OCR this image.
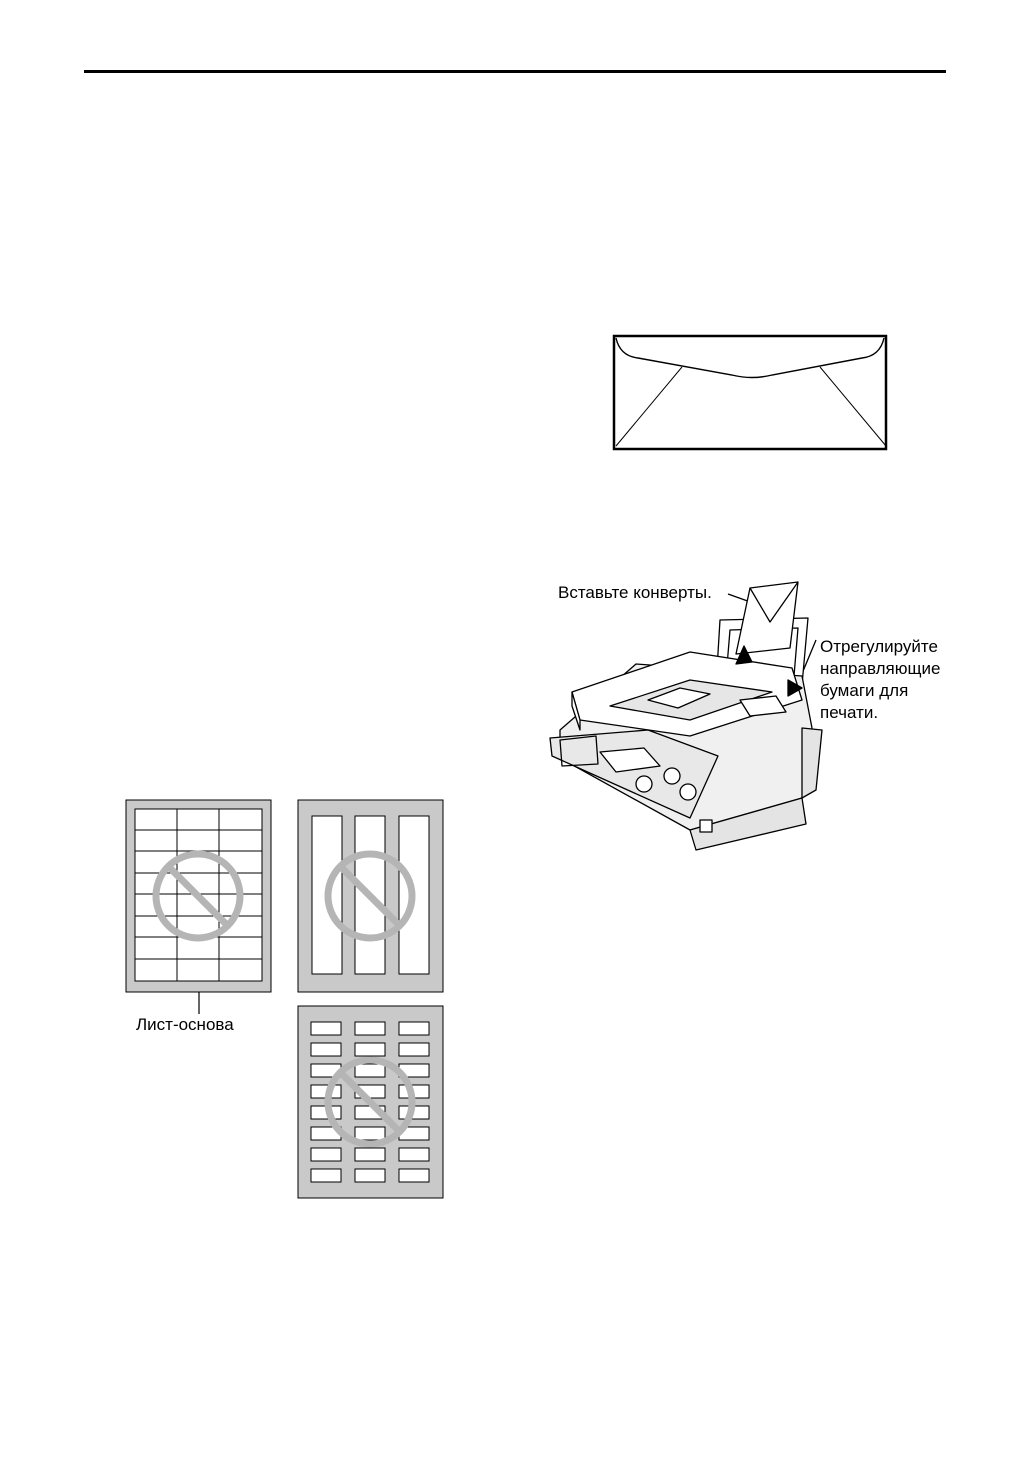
Вставьте конверты.
Отрегулируйте
направляющие
бумаги для
печати.
Лист-основа
